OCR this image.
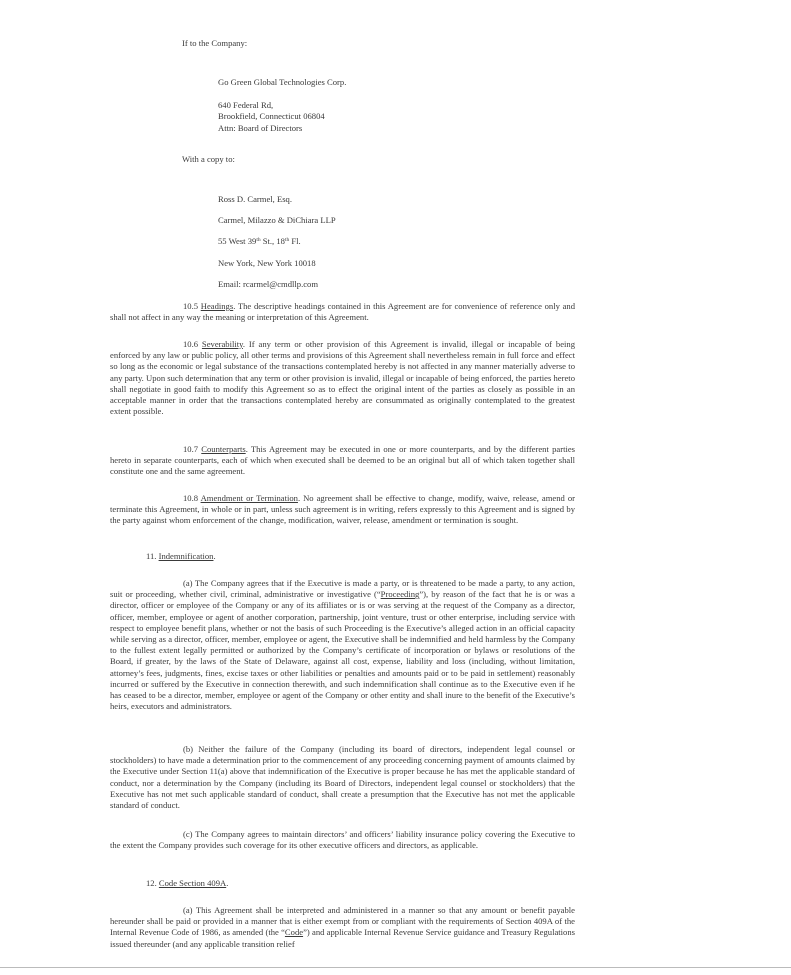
If to the Company:

Go Green Global Technologies Corp.
640 Federal Rd,
Brookfield, Connecticut 06804
Attn: Board of Directors

With a copy to:

Ross D. Carmel, Esq.
Carmel, Milazzo & DiChiara LLP
55 West 39th St., 18th Fl.
New York, New York 10018
Email: rcarmel@cmdllp.com

10.5 Headings. The descriptive headings contained in this Agreement are for convenience of reference only and shall not affect in any way the meaning or interpretation of this Agreement.

10.6 Severability. If any term or other provision of this Agreement is invalid, illegal or incapable of being enforced by any law or public policy, all other terms and provisions of this Agreement shall nevertheless remain in full force and effect so long as the economic or legal substance of the transactions contemplated hereby is not affected in any manner materially adverse to any party. Upon such determination that any term or other provision is invalid, illegal or incapable of being enforced, the parties hereto shall negotiate in good faith to modify this Agreement so as to effect the original intent of the parties as closely as possible in an acceptable manner in order that the transactions contemplated hereby are consummated as originally contemplated to the greatest extent possible.

10.7 Counterparts. This Agreement may be executed in one or more counterparts, and by the different parties hereto in separate counterparts, each of which when executed shall be deemed to be an original but all of which taken together shall constitute one and the same agreement.

10.8 Amendment or Termination. No agreement shall be effective to change, modify, waive, release, amend or terminate this Agreement, in whole or in part, unless such agreement is in writing, refers expressly to this Agreement and is signed by the party against whom enforcement of the change, modification, waiver, release, amendment or termination is sought.

11. Indemnification.

(a) The Company agrees that if the Executive is made a party, or is threatened to be made a party, to any action, suit or proceeding, whether civil, criminal, administrative or investigative (“Proceeding”), by reason of the fact that he is or was a director, officer or employee of the Company or any of its affiliates or is or was serving at the request of the Company as a director, officer, member, employee or agent of another corporation, partnership, joint venture, trust or other enterprise, including service with respect to employee benefit plans, whether or not the basis of such Proceeding is the Executive’s alleged action in an official capacity while serving as a director, officer, member, employee or agent, the Executive shall be indemnified and held harmless by the Company to the fullest extent legally permitted or authorized by the Company’s certificate of incorporation or bylaws or resolutions of the Board, if greater, by the laws of the State of Delaware, against all cost, expense, liability and loss (including, without limitation, attorney’s fees, judgments, fines, excise taxes or other liabilities or penalties and amounts paid or to be paid in settlement) reasonably incurred or suffered by the Executive in connection therewith, and such indemnification shall continue as to the Executive even if he has ceased to be a director, member, employee or agent of the Company or other entity and shall inure to the benefit of the Executive’s heirs, executors and administrators.

(b) Neither the failure of the Company (including its board of directors, independent legal counsel or stockholders) to have made a determination prior to the commencement of any proceeding concerning payment of amounts claimed by the Executive under Section 11(a) above that indemnification of the Executive is proper because he has met the applicable standard of conduct, nor a determination by the Company (including its Board of Directors, independent legal counsel or stockholders) that the Executive has not met such applicable standard of conduct, shall create a presumption that the Executive has not met the applicable standard of conduct.

(c) The Company agrees to maintain directors’ and officers’ liability insurance policy covering the Executive to the extent the Company provides such coverage for its other executive officers and directors, as applicable.

12. Code Section 409A.

(a) This Agreement shall be interpreted and administered in a manner so that any amount or benefit payable hereunder shall be paid or provided in a manner that is either exempt from or compliant with the requirements of Section 409A of the Internal Revenue Code of 1986, as amended (the “Code”) and applicable Internal Revenue Service guidance and Treasury Regulations issued thereunder (and any applicable transition relief
